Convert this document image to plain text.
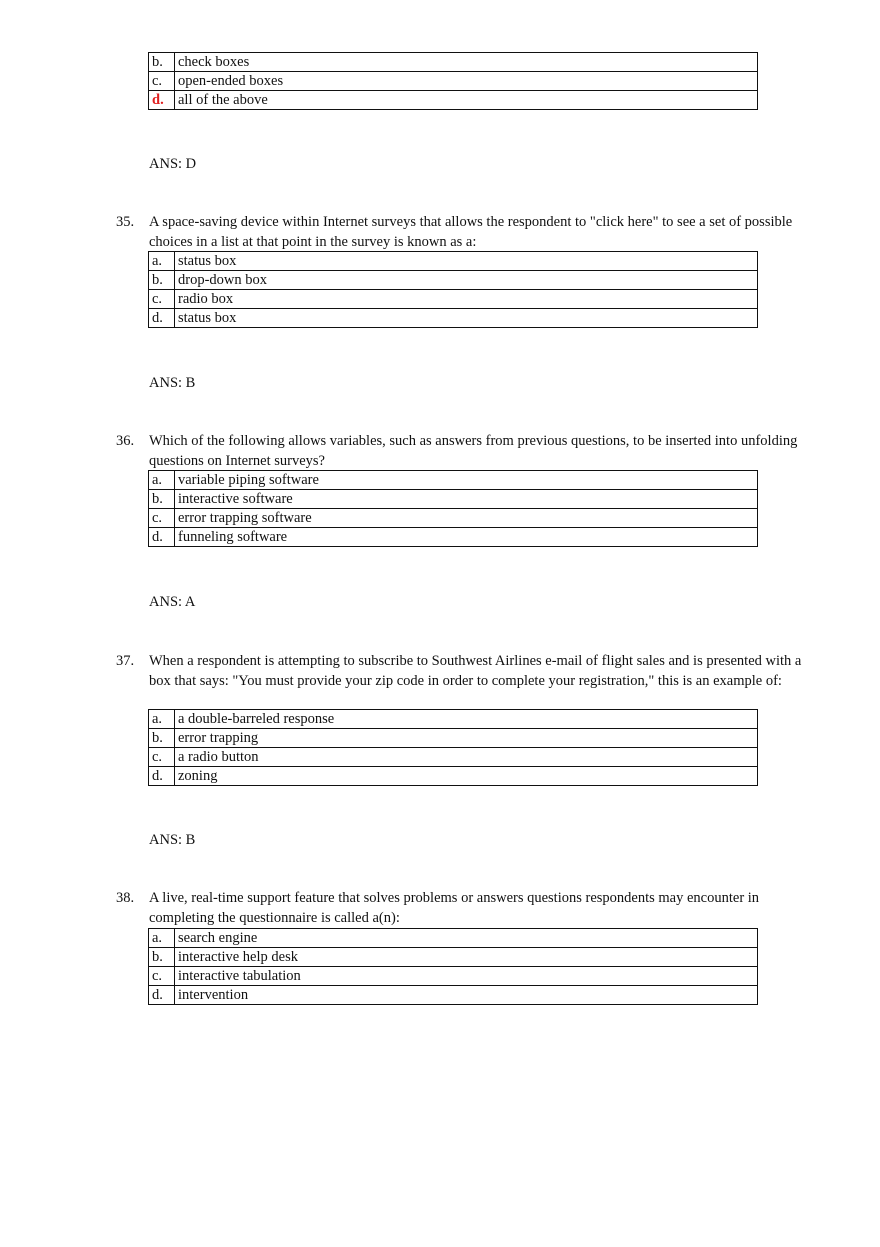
b.	check boxes
c.	open-ended boxes
d.	all of the above
ANS: D
35. A space-saving device within Internet surveys that allows the respondent to "click here" to see a set of possible choices in a list at that point in the survey is known as a:
a.	status box
b.	drop-down box
c.	radio box
d.	status box
ANS: B
36. Which of the following allows variables, such as answers from previous questions, to be inserted into unfolding questions on Internet surveys?
a.	variable piping software
b.	interactive software
c.	error trapping software
d.	funneling software
ANS: A
37. When a respondent is attempting to subscribe to Southwest Airlines e-mail of flight sales and is presented with a box that says: "You must provide your zip code in order to complete your registration," this is an example of:
a.	a double-barreled response
b.	error trapping
c.	a radio button
d.	zoning
ANS: B
38. A live, real-time support feature that solves problems or answers questions respondents may encounter in completing the questionnaire is called a(n):
a.	search engine
b.	interactive help desk
c.	interactive tabulation
d.	intervention
